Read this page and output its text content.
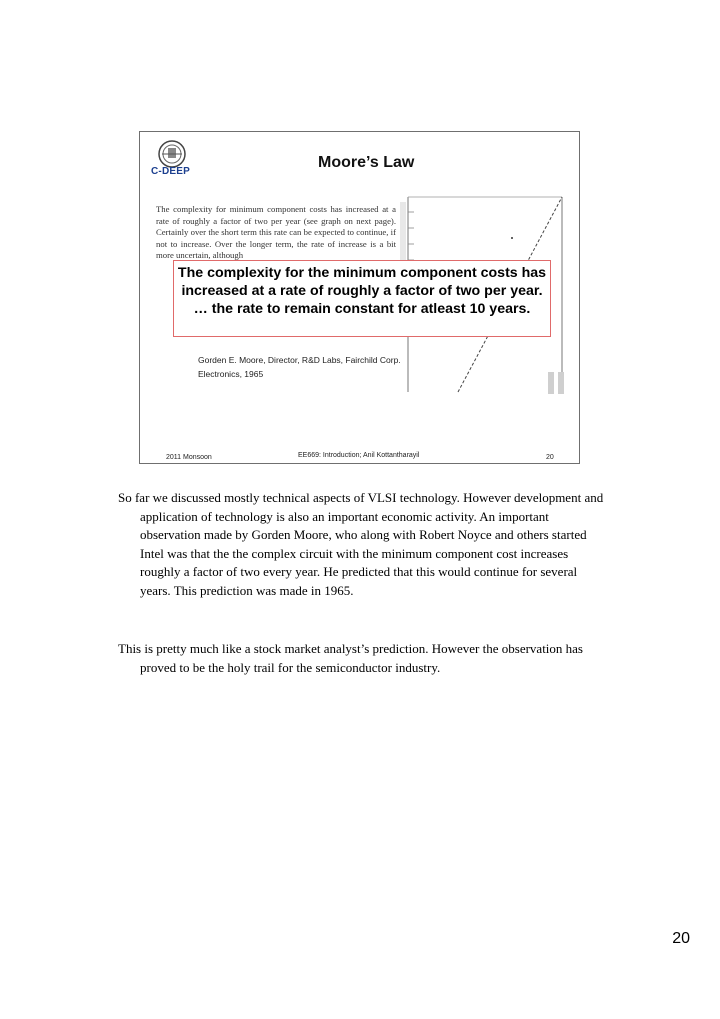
C-DEEP
Moore’s Law
The complexity for minimum component costs has increased at a rate of roughly a factor of two per year (see graph on next page). Certainly over the short term this rate can be expected to continue, if not to increase. Over the longer term, the rate of increase is a bit more uncertain, although
The complexity for the minimum component costs has increased at a rate of roughly a factor of two per year. … the rate to remain constant for atleast 10 years.
Gorden E. Moore, Director, R&D Labs, Fairchild Corp.
Electronics, 1965
2011 Monsoon	EE669: Introduction; Anil Kottantharayil	20
So far we discussed mostly technical aspects of VLSI technology. However development and application of technology is also an important economic activity. An important observation made by Gorden Moore, who along with Robert Noyce and others started Intel was that the the complex circuit with the minimum component cost increases roughly a factor of two every year. He predicted that this would continue for several years. This prediction was made in 1965.
This is pretty much like a stock market analyst’s prediction. However the observation has proved to be the holy trail for the semiconductor industry.
20
